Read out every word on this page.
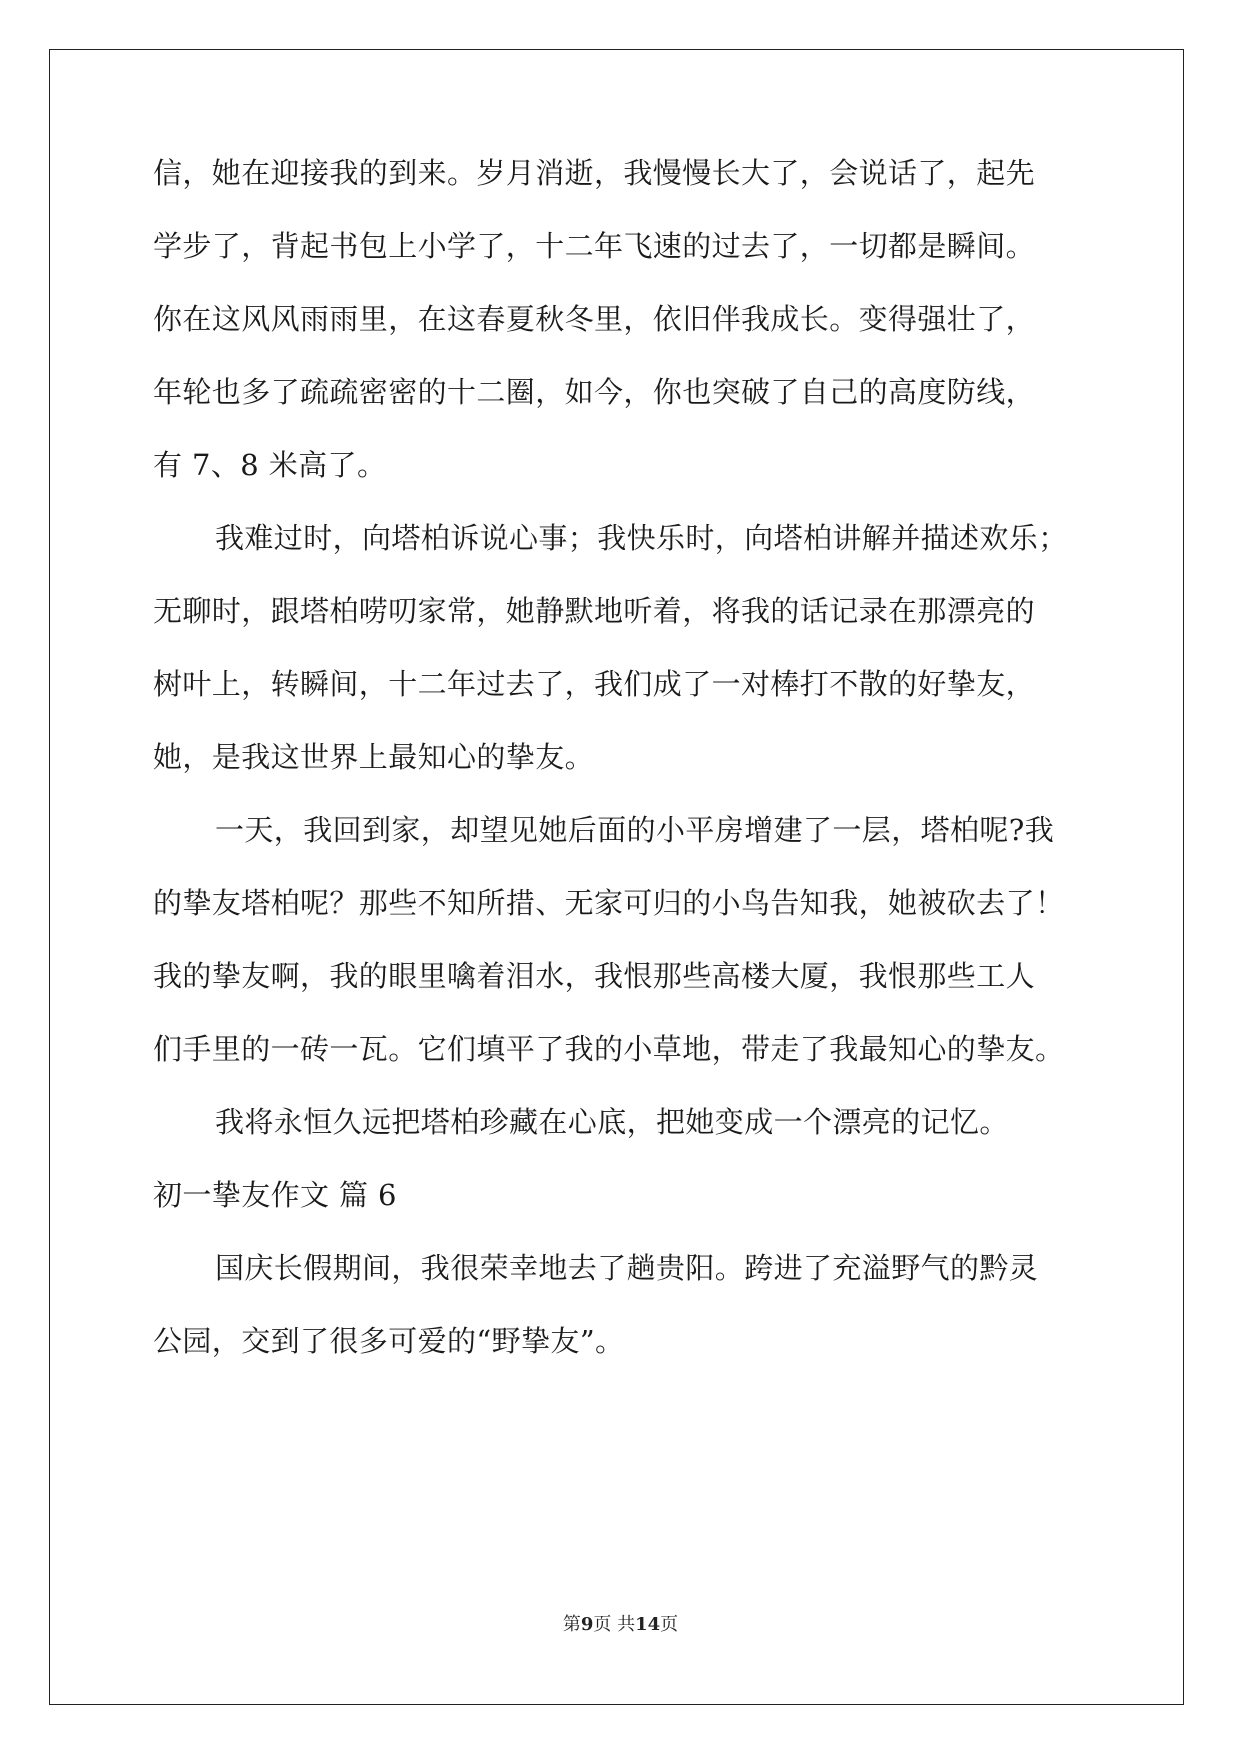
信，她在迎接我的到来。岁月消逝，我慢慢长大了，会说话了，起先
学步了，背起书包上小学了，十二年飞速的过去了，一切都是瞬间。
你在这风风雨雨里，在这春夏秋冬里，依旧伴我成长。变得强壮了，
年轮也多了疏疏密密的十二圈，如今，你也突破了自己的高度防线，
有 7、8 米高了。
我难过时，向塔柏诉说心事；我快乐时，向塔柏讲解并描述欢乐；
无聊时，跟塔柏唠叨家常，她静默地听着，将我的话记录在那漂亮的
树叶上，转瞬间，十二年过去了，我们成了一对棒打不散的好挚友，
她，是我这世界上最知心的挚友。
一天，我回到家，却望见她后面的小平房增建了一层，塔柏呢?我
的挚友塔柏呢？那些不知所措、无家可归的小鸟告知我，她被砍去了！
我的挚友啊，我的眼里噙着泪水，我恨那些高楼大厦，我恨那些工人
们手里的一砖一瓦。它们填平了我的小草地，带走了我最知心的挚友。
我将永恒久远把塔柏珍藏在心底，把她变成一个漂亮的记忆。
初一挚友作文 篇 6
国庆长假期间，我很荣幸地去了趟贵阳。跨进了充溢野气的黔灵
公园，交到了很多可爱的“野挚友”。
第9页 共14页
